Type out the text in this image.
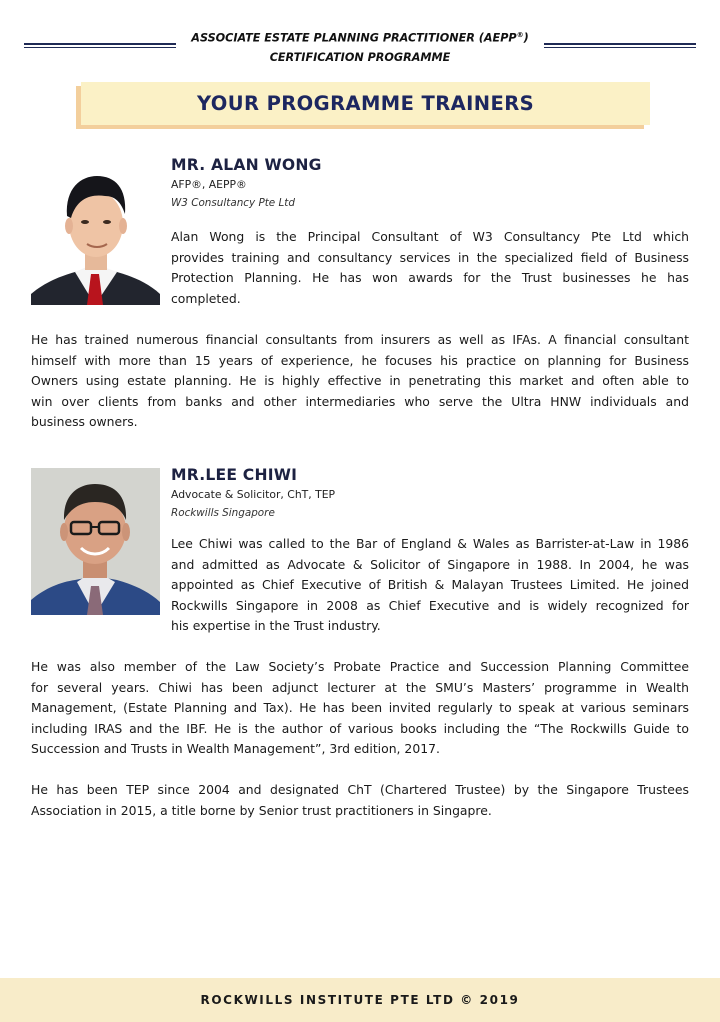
ASSOCIATE ESTATE PLANNING PRACTITIONER (AEPP®)
CERTIFICATION PROGRAMME
YOUR PROGRAMME TRAINERS
MR. ALAN WONG
AFP®, AEPP®
W3 Consultancy Pte Ltd
Alan Wong is the Principal Consultant of W3 Consultancy Pte Ltd which
provides training and consultancy services in the specialized field of Business
Protection Planning. He has won awards for the Trust businesses he has
completed.
He has trained numerous financial consultants from insurers as well as IFAs. A financial consultant
himself with more than 15 years of experience, he focuses his practice on planning for Business
Owners using estate planning. He is highly effective in penetrating this market and often able to
win over clients from banks and other intermediaries who serve the Ultra HNW individuals and
business owners.
MR.LEE CHIWI
Advocate & Solicitor, ChT, TEP
Rockwills Singapore
Lee Chiwi was called to the Bar of England & Wales as Barrister-at-Law in 1986
and admitted as Advocate & Solicitor of Singapore in 1988. In 2004, he was
appointed as Chief Executive of British & Malayan Trustees Limited. He joined
Rockwills Singapore in 2008 as Chief Executive and is widely recognized for
his expertise in the Trust industry.
He was also member of the Law Society’s Probate Practice and Succession Planning Committee
for several years. Chiwi has been adjunct lecturer at the SMU’s Masters’ programme in Wealth
Management, (Estate Planning and Tax). He has been invited regularly to speak at various seminars
including IRAS and the IBF. He is the author of various books including the “The Rockwills Guide to
Succession and Trusts in Wealth Management”, 3rd edition, 2017.
He has been TEP since 2004 and designated ChT (Chartered Trustee) by the Singapore Trustees
Association in 2015, a title borne by Senior trust practitioners in Singapre.
ROCKWILLS INSTITUTE PTE LTD © 2019
